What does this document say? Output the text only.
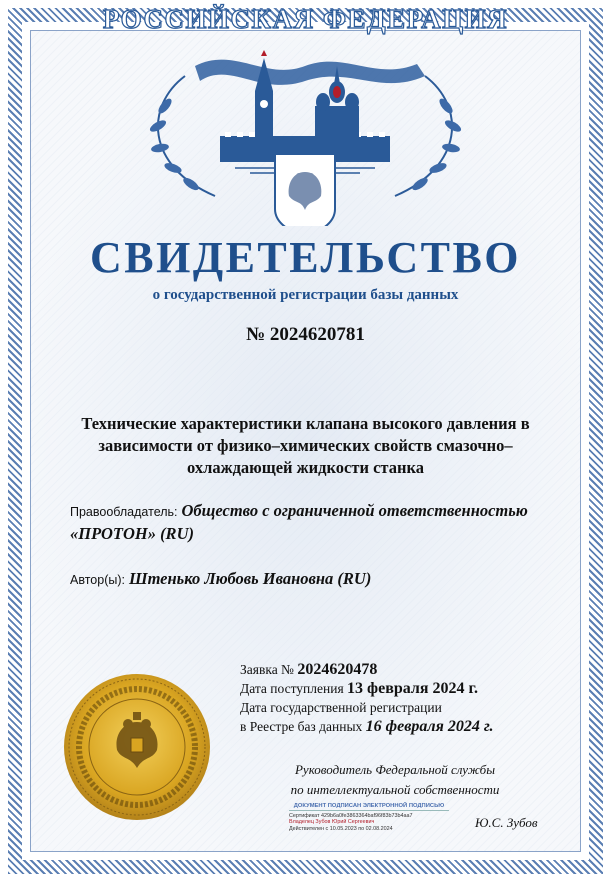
РОССИЙСКАЯ ФЕДЕРАЦИЯ
СВИДЕТЕЛЬСТВО
о государственной регистрации базы данных
№ 2024620781
Технические характеристики клапана высокого давления в зависимости от физико–химических свойств смазочно–охлаждающей жидкости станка
Правообладатель: Общество с ограниченной ответственностью «ПРОТОН» (RU)
Автор(ы): Штенько Любовь Ивановна (RU)
Заявка № 2024620478
Дата поступления 13 февраля 2024 г.
Дата государственной регистрации
в Реестре баз данных 16 февраля 2024 г.
Руководитель Федеральной службы
по интеллектуальной собственности
ДОКУМЕНТ ПОДПИСАН ЭЛЕКТРОННОЙ ПОДПИСЬЮ
Сертификат 429b6a0fe3863364baf96f83b73b4aa7
Владелец Зубов Юрий Сергеевич
Действителен с 10.05.2023 по 02.08.2024	Ю.С. Зубов
